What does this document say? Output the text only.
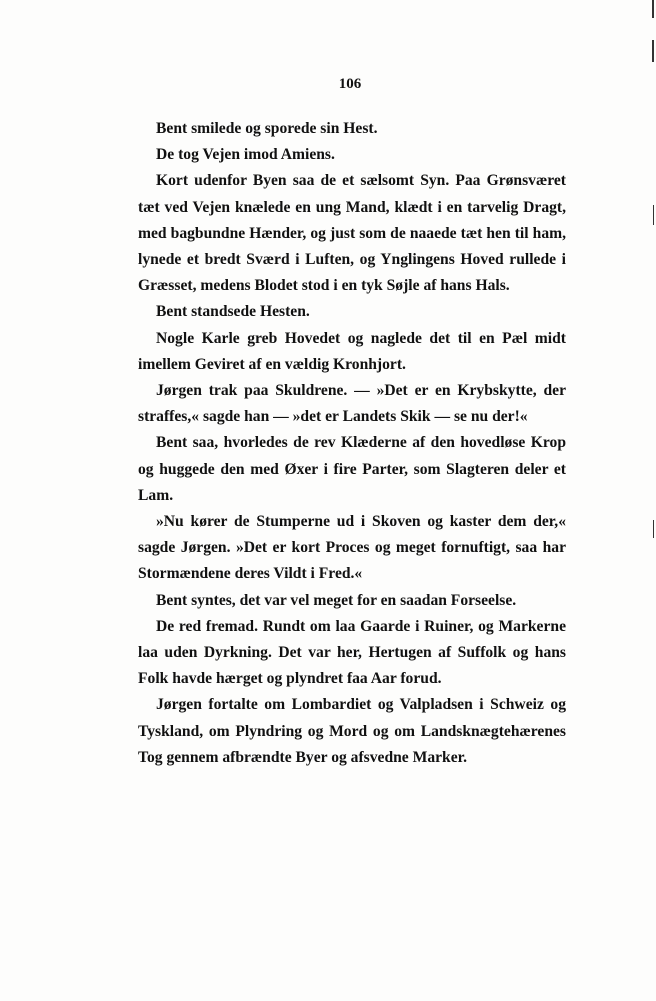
106

Bent smilede og sporede sin Hest.

De tog Vejen imod Amiens.

Kort udenfor Byen saa de et sælsomt Syn. Paa Grønsværet tæt ved Vejen knælede en ung Mand, klædt i en tarvelig Dragt, med bagbundne Hænder, og just som de naaede tæt hen til ham, lynede et bredt Sværd i Luften, og Ynglingens Hoved rullede i Græsset, medens Blodet stod i en tyk Søjle af hans Hals.

Bent standsede Hesten.

Nogle Karle greb Hovedet og naglede det til en Pæl midt imellem Geviret af en vældig Kronhjort.

Jørgen trak paa Skuldrene. — »Det er en Krybskytte, der straffes,« sagde han — »det er Landets Skik — se nu der!«

Bent saa, hvorledes de rev Klæderne af den hovedløse Krop og huggede den med Øxer i fire Parter, som Slagteren deler et Lam.

»Nu kører de Stumperne ud i Skoven og kaster dem der,« sagde Jørgen. »Det er kort Proces og meget fornuftigt, saa har Stormændene deres Vildt i Fred.«

Bent syntes, det var vel meget for en saadan Forseelse.

De red fremad. Rundt om laa Gaarde i Ruiner, og Markerne laa uden Dyrkning. Det var her, Hertugen af Suffolk og hans Folk havde hærget og plyndret faa Aar forud.

Jørgen fortalte om Lombardiet og Valpladsen i Schweiz og Tyskland, om Plyndring og Mord og om Landsknægtehærenes Tog gennem afbrændte Byer og afsvedne Marker.
